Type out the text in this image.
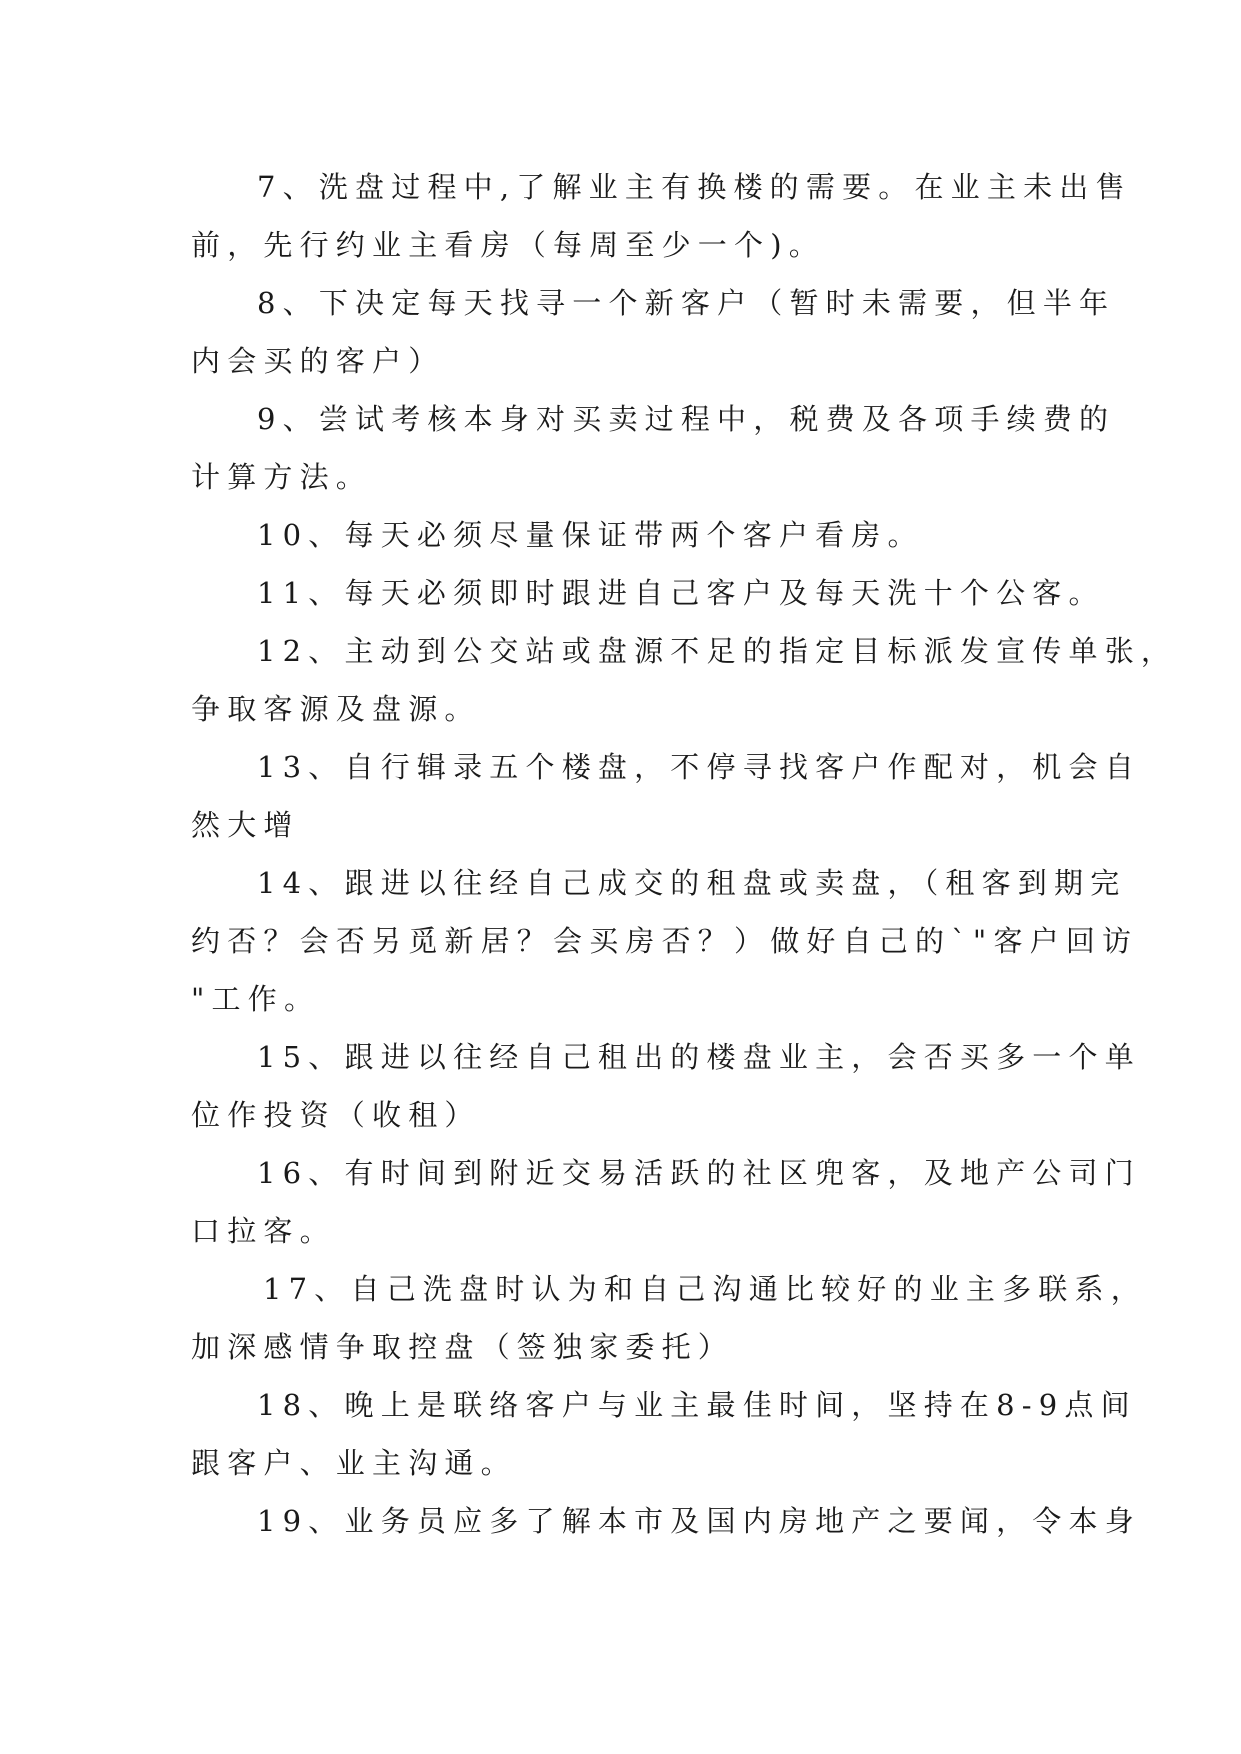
7、洗盘过程中,了解业主有换楼的需要。在业主未出售
前，先行约业主看房（每周至少一个)。

8、下决定每天找寻一个新客户（暂时未需要，但半年
内会买的客户）

9、尝试考核本身对买卖过程中，税费及各项手续费的
计算方法。

10、每天必须尽量保证带两个客户看房。

11、每天必须即时跟进自己客户及每天洗十个公客。

12、主动到公交站或盘源不足的指定目标派发宣传单张，
争取客源及盘源。

13、自行辑录五个楼盘，不停寻找客户作配对，机会自
然大增

14、跟进以往经自己成交的租盘或卖盘，（租客到期完
约否？会否另觅新居？会买房否？）做好自己的`"客户回访
"工作。

15、跟进以往经自己租出的楼盘业主，会否买多一个单
位作投资（收租）

16、有时间到附近交易活跃的社区兜客，及地产公司门
口拉客。

17、自己洗盘时认为和自己沟通比较好的业主多联系，
加深感情争取控盘（签独家委托）

18、晚上是联络客户与业主最佳时间，坚持在8-9点间
跟客户、业主沟通。

19、业务员应多了解本市及国内房地产之要闻，令本身
